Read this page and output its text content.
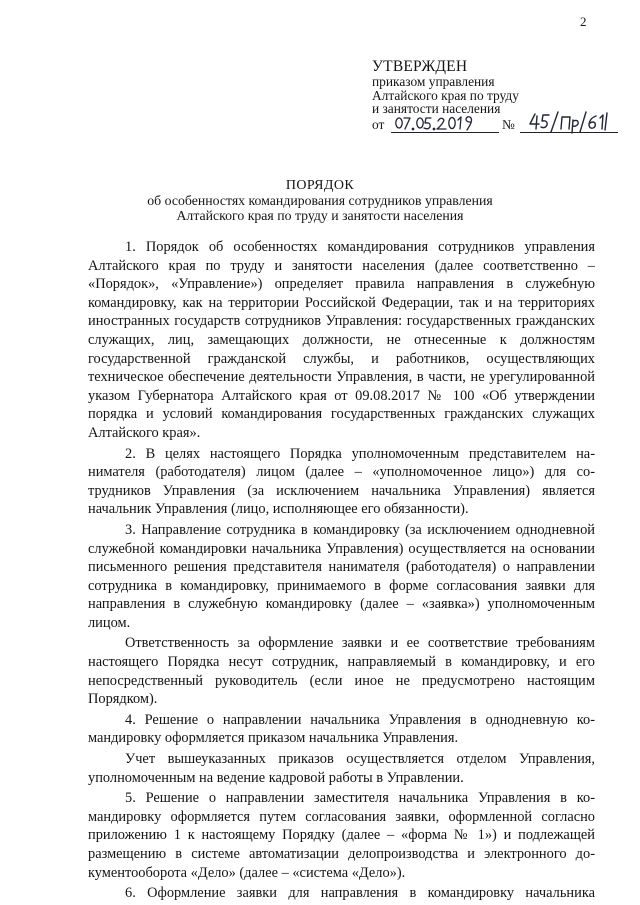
2
УТВЕРЖДЕН
приказом управления
Алтайского края по труду
и занятости населения
от	№
ПОРЯДОК
об особенностях командирования сотрудников управления
Алтайского края по труду и занятости населения

1. Порядок об особенностях командирования сотрудников управления Алтайского края по труду и занятости населения (далее соответственно – «Порядок», «Управление») определяет правила направления в служебную командировку, как на территории Российской Федерации, так и на территориях иностранных государств сотрудников Управления: государственных гражданских служащих, лиц, замещающих должности, не отнесенные к должностям государственной гражданской службы, и работников, осуществляющих техническое обеспечение деятельности Управления, в части, не урегулированной указом Губернатора Алтайского края от 09.08.2017 № 100 «Об утверждении порядка и условий командирования государственных гражданских служащих Алтайского края».

2. В целях настоящего Порядка уполномоченным представителем нанимателя (работодателя) лицом (далее – «уполномоченное лицо») для сотрудников Управления (за исключением начальника Управления) является начальник Управления (лицо, исполняющее его обязанности).

3. Направление сотрудника в командировку (за исключением однодневной служебной командировки начальника Управления) осуществляется на основании письменного решения представителя нанимателя (работодателя) о направлении сотрудника в командировку, принимаемого в форме согласования заявки для направления в служебную командировку (далее – «заявка») уполномоченным лицом.

Ответственность за оформление заявки и ее соответствие требованиям настоящего Порядка несут сотрудник, направляемый в командировку, и его непосредственный руководитель (если иное не предусмотрено настоящим Порядком).

4. Решение о направлении начальника Управления в однодневную командировку оформляется приказом начальника Управления.

Учет вышеуказанных приказов осуществляется отделом Управления, уполномоченным на ведение кадровой работы в Управлении.

5. Решение о направлении заместителя начальника Управления в командировку оформляется путем согласования заявки, оформленной согласно приложению 1 к настоящему Порядку (далее – «форма № 1») и подлежащей размещению в системе автоматизации делопроизводства и электронного документооборота «Дело» (далее – «система «Дело»).

6. Оформление заявки для направления в командировку начальника
